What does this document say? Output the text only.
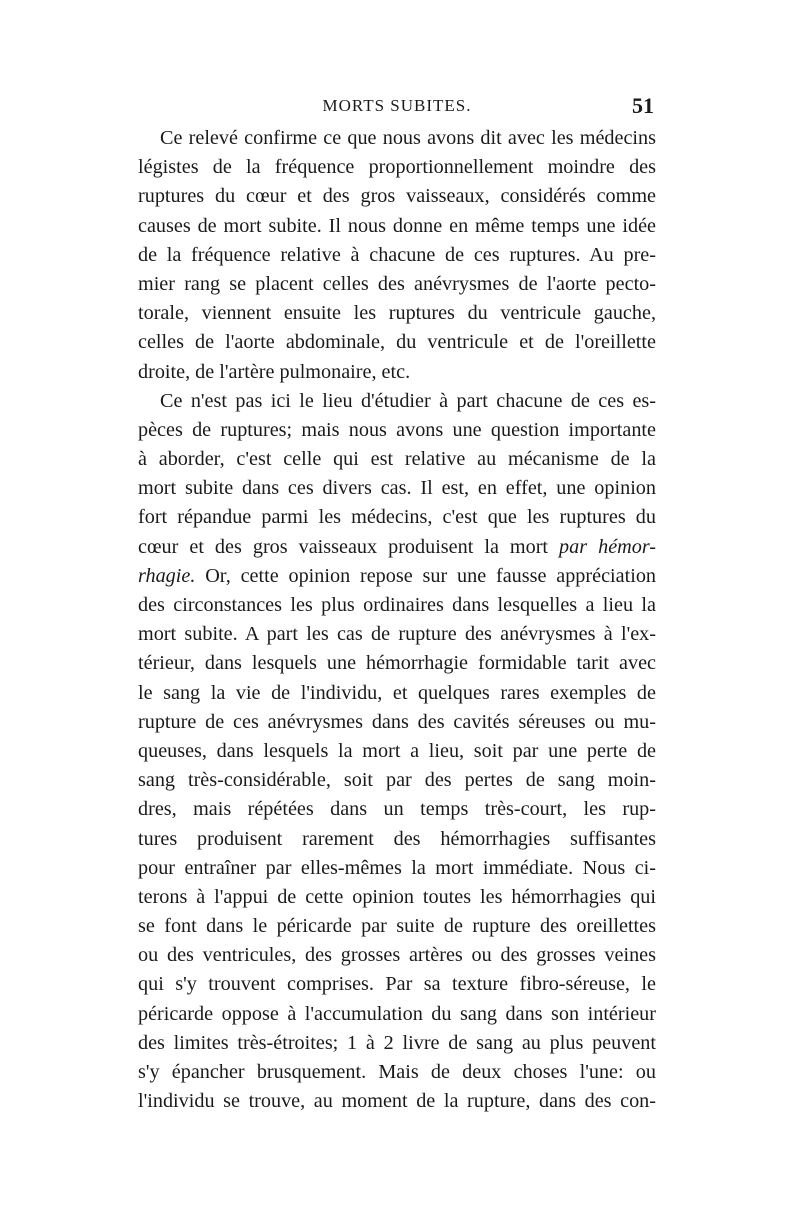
MORTS SUBITES.	51
Ce relevé confirme ce que nous avons dit avec les médecins
légistes de la fréquence proportionnellement moindre des
ruptures du cœur et des gros vaisseaux, considérés comme
causes de mort subite. Il nous donne en même temps une idée
de la fréquence relative à chacune de ces ruptures. Au pre-
mier rang se placent celles des anévrysmes de l'aorte pecto-
torale, viennent ensuite les ruptures du ventricule gauche,
celles de l'aorte abdominale, du ventricule et de l'oreillette
droite, de l'artère pulmonaire, etc.
Ce n'est pas ici le lieu d'étudier à part chacune de ces es-
pèces de ruptures; mais nous avons une question importante
à aborder, c'est celle qui est relative au mécanisme de la
mort subite dans ces divers cas. Il est, en effet, une opinion
fort répandue parmi les médecins, c'est que les ruptures du
cœur et des gros vaisseaux produisent la mort par hémor-
rhagie. Or, cette opinion repose sur une fausse appréciation
des circonstances les plus ordinaires dans lesquelles a lieu la
mort subite. A part les cas de rupture des anévrysmes à l'ex-
térieur, dans lesquels une hémorrhagie formidable tarit avec
le sang la vie de l'individu, et quelques rares exemples de
rupture de ces anévrysmes dans des cavités séreuses ou mu-
queuses, dans lesquels la mort a lieu, soit par une perte de
sang très-considérable, soit par des pertes de sang moin-
dres, mais répétées dans un temps très-court, les rup-
tures produisent rarement des hémorrhagies suffisantes
pour entraîner par elles-mêmes la mort immédiate. Nous ci-
terons à l'appui de cette opinion toutes les hémorrhagies qui
se font dans le péricarde par suite de rupture des oreillettes
ou des ventricules, des grosses artères ou des grosses veines
qui s'y trouvent comprises. Par sa texture fibro-séreuse, le
péricarde oppose à l'accumulation du sang dans son intérieur
des limites très-étroites; 1 à 2 livre de sang au plus peuvent
s'y épancher brusquement. Mais de deux choses l'une: ou
l'individu se trouve, au moment de la rupture, dans des con-
